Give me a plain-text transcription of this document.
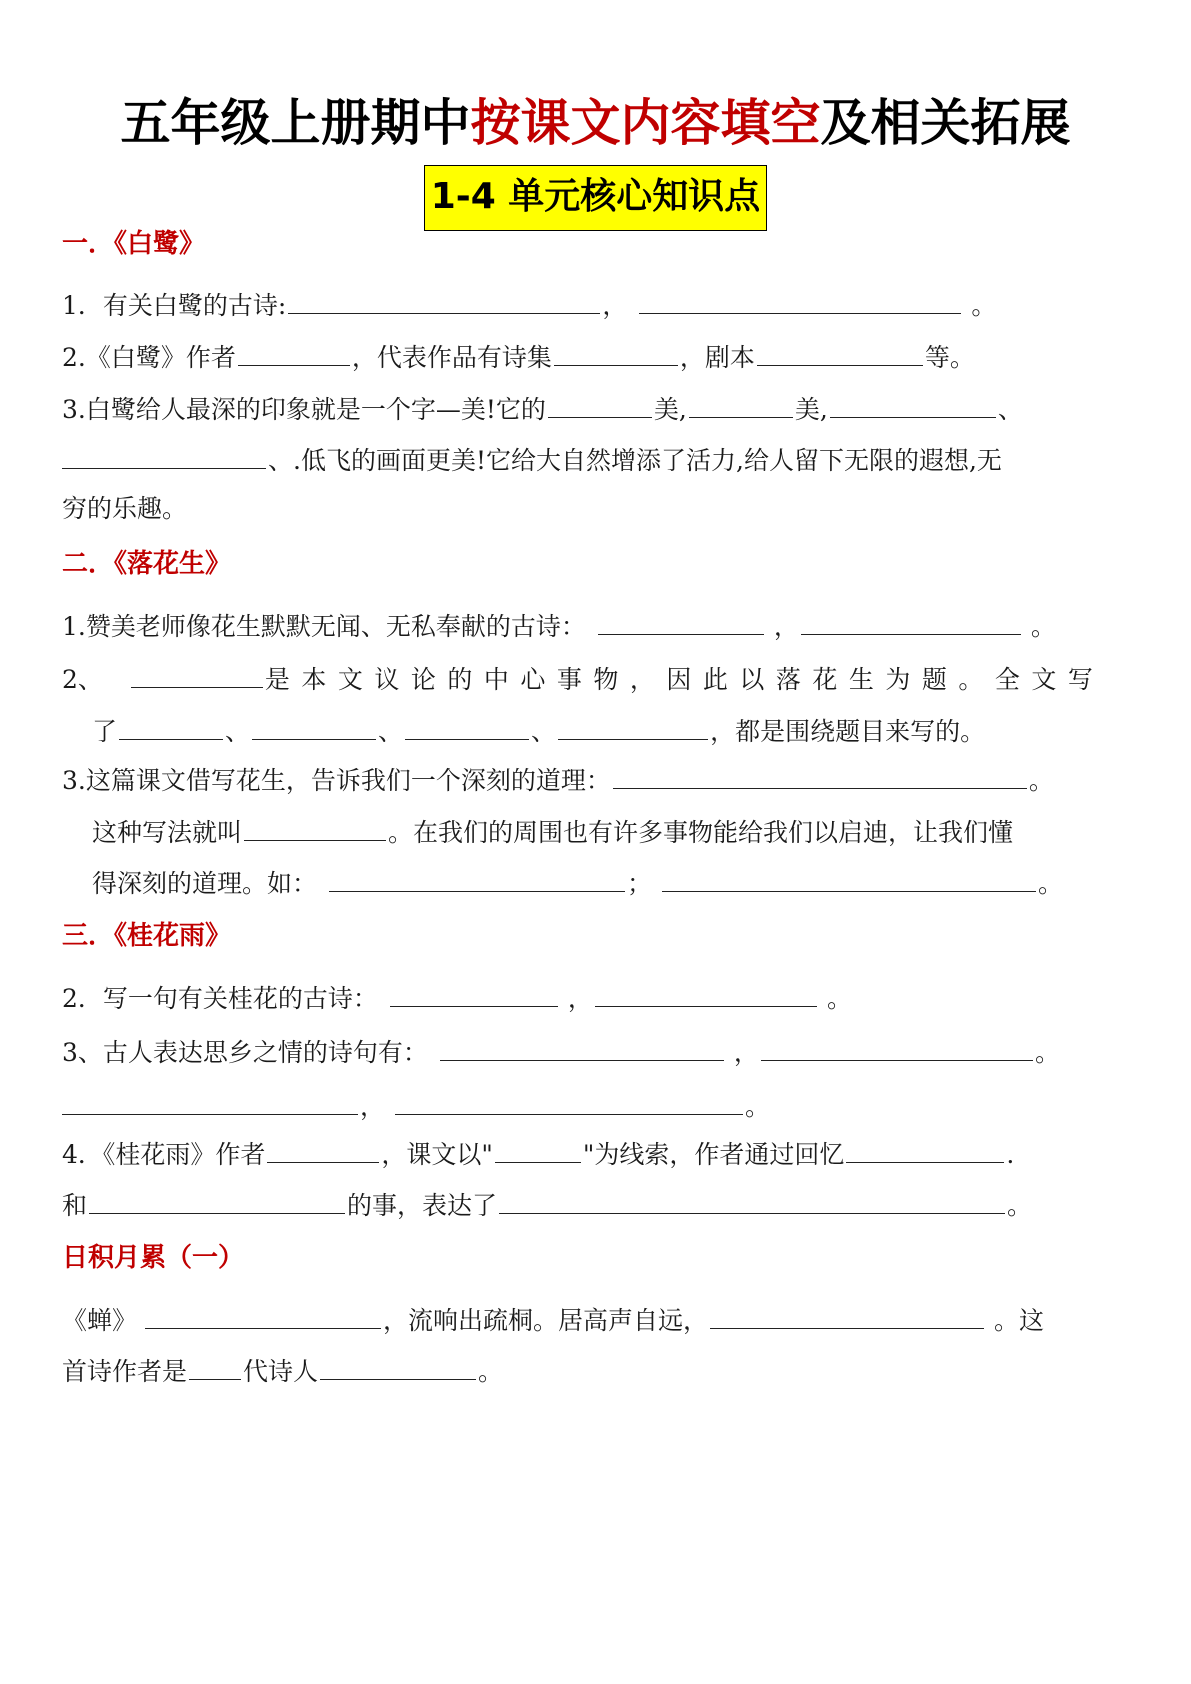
五年级上册期中按课文内容填空及相关拓展
1-4 单元核心知识点
一．《白鹭》
1．有关白鹭的古诗:	，	。
2.《白鹭》作者	，代表作品有诗集	，剧本	等。
3.白鹭给人最深的印象就是一个字—美!它的	美,	美,	、
、.低飞的画面更美!它给大自然增添了活力,给人留下无限的遐想,无
穷的乐趣。
二．《落花生》
1.赞美老师像花生默默无闻、无私奉献的古诗：	，	。
2、	是本文议论的中心事物，因此以落花生为题。全文写
了	、	、	、	，都是围绕题目来写的。
3.这篇课文借写花生，告诉我们一个深刻的道理：	。
这种写法就叫	。在我们的周围也有许多事物能给我们以启迪，让我们懂
得深刻的道理。如：	；	。
三．《桂花雨》
2．写一句有关桂花的古诗：	，	。
3、古人表达思乡之情的诗句有：	，	。
，	。
4．《桂花雨》作者	，课文以"	"为线索，作者通过回忆	.
和	的事，表达了	。
日积月累（一）
《蝉》	，流响出疏桐。居高声自远，	。这
首诗作者是 代诗人	。
